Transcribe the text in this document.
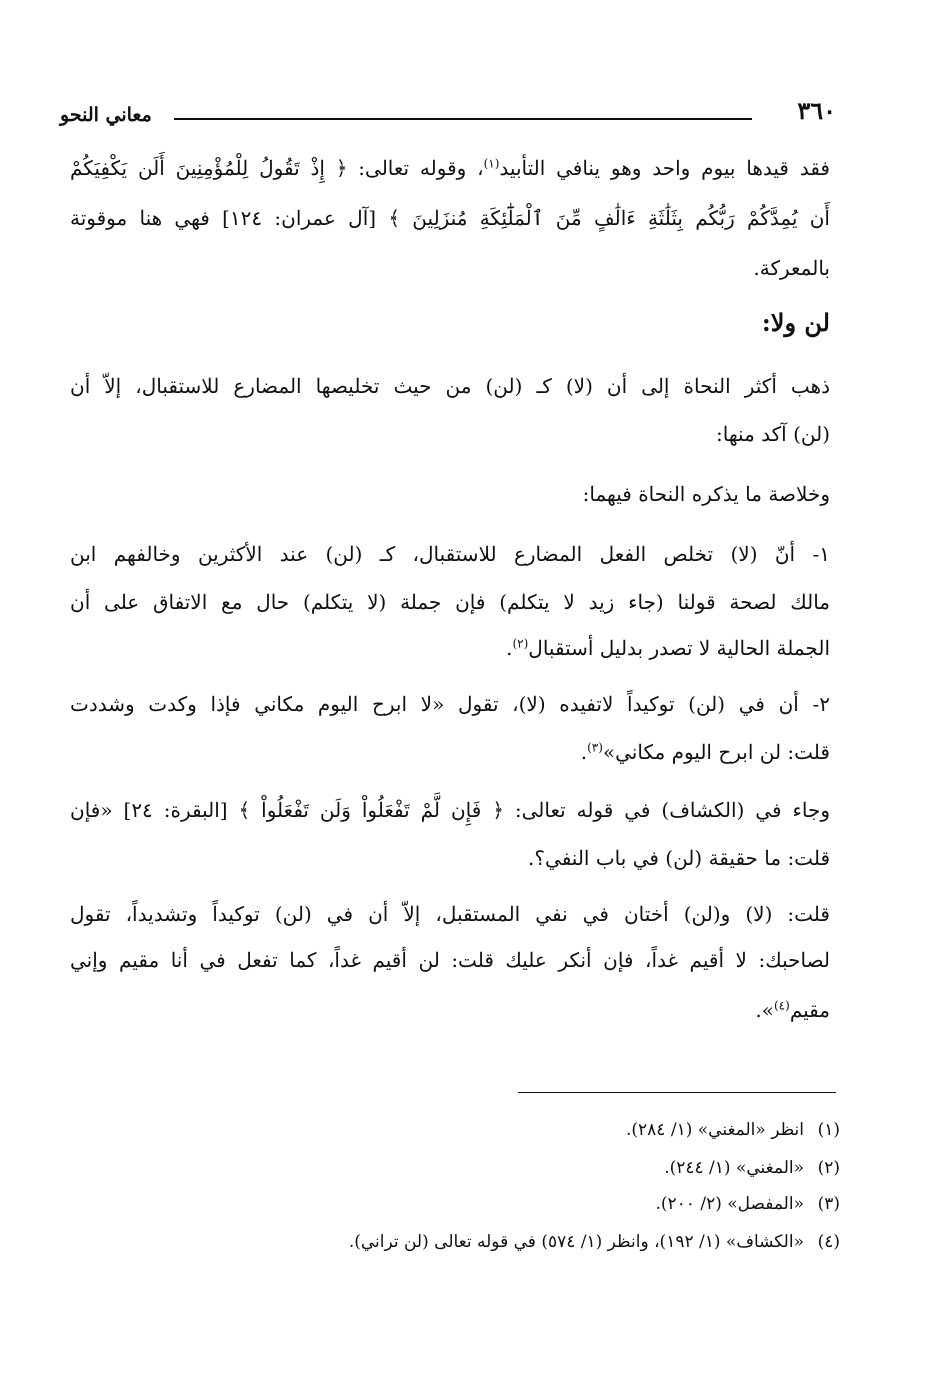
٣٦٠
معاني النحو
فقد قيدها بيوم واحد وهو ينافي التأبيد$^{(١)}$، وقوله تعالى: ﴿ إِذْ تَقُولُ لِلْمُؤْمِنِينَ أَلَن يَكْفِيَكُمْ
أَن يُمِدَّكُمْ رَبُّكُم بِثَلَٰثَةِ ءَالَٰفٍ مِّنَ ٱلْمَلَٰٓئِكَةِ مُنزَلِينَ ﴾ [آل عمران: ١٢٤] فهي هنا موقوتة
بالمعركة.
لن ولا:
ذهب أكثر النحاة إلى أن (لا) كـ (لن) من حيث تخليصها المضارع للاستقبال، إلاّ أن
(لن) آكد منها:
وخلاصة ما يذكره النحاة فيهما:
١- أنّ (لا) تخلص الفعل المضارع للاستقبال، كـ (لن) عند الأكثرين وخالفهم ابن
مالك لصحة قولنا (جاء زيد لا يتكلم) فإن جملة (لا يتكلم) حال مع الاتفاق على أن
الجملة الحالية لا تصدر بدليل أستقبال$^{(٢)}$.
٢- أن في (لن) توكيداً لاتفيده (لا)، تقول «لا ابرح اليوم مكاني فإذا وكدت وشددت
قلت: لن ابرح اليوم مكاني»$^{(٣)}$.
وجاء في (الكشاف) في قوله تعالى: ﴿ فَإِن لَّمْ تَفْعَلُواْ وَلَن تَفْعَلُواْ ﴾ [البقرة: ٢٤] «فإن
قلت: ما حقيقة (لن) في باب النفي؟.
قلت: (لا) و(لن) أختان في نفي المستقبل، إلاّ أن في (لن) توكيداً وتشديداً، تقول
لصاحبك: لا أقيم غداً، فإن أنكر عليك قلت: لن أقيم غداً، كما تفعل في أنا مقيم وإني
مقيم$^{(٤)}$».
(١)انظر «المغني» (١/ ٢٨٤).
(٢)«المغني» (١/ ٢٤٤).
(٣)«المفصل» (٢/ ٢٠٠).
(٤)«الكشاف» (١/ ١٩٢)، وانظر (١/ ٥٧٤) في قوله تعالى (لن تراني).
